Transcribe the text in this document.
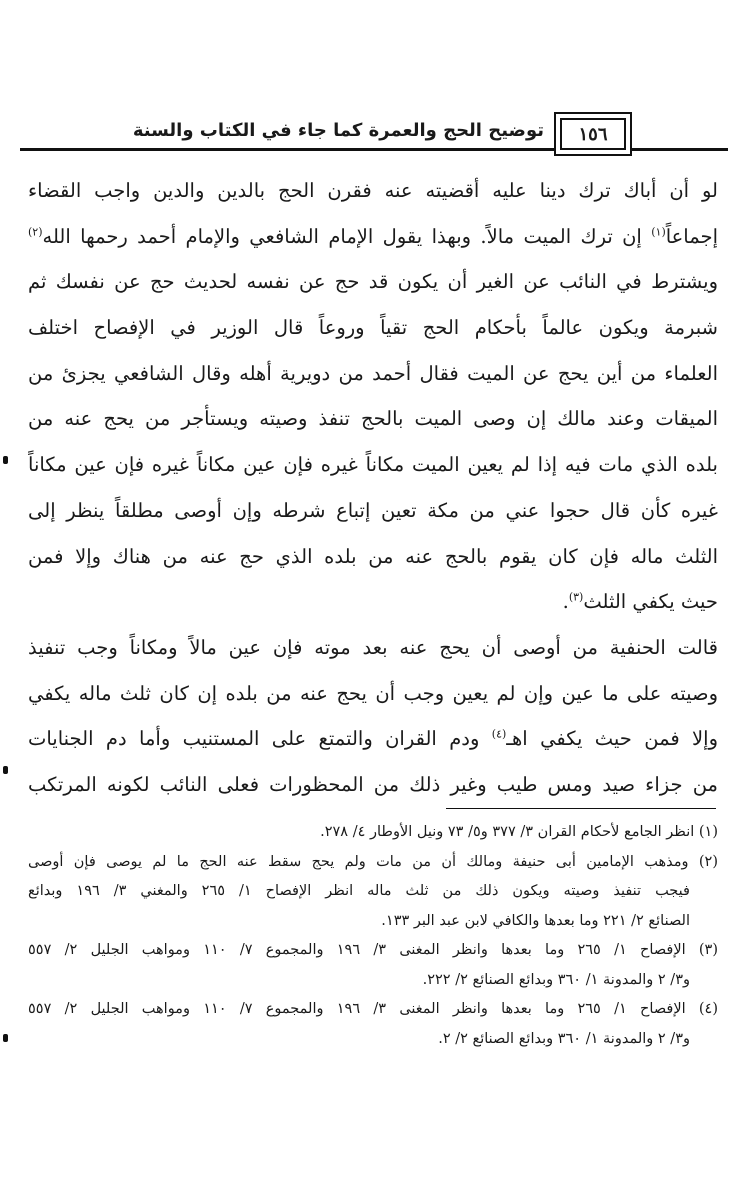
توضيح الحج والعمرة كما جاء في الكتاب والسنة	١٥٦
لو أن أباك ترك دينا عليه أقضيته عنه فقرن الحج بالدين والدين واجب القضاء
إجماعاً$^{(١)}$ إن ترك الميت مالاً. وبهذا يقول الإمام الشافعي والإمام أحمد رحمها الله$^{(٢)}$
ويشترط في النائب عن الغير أن يكون قد حج عن نفسه لحديث حج عن نفسك ثم
شبرمة ويكون عالماً بأحكام الحج تقياً وروعاً قال الوزير في الإفصاح اختلف
العلماء من أين يحج عن الميت فقال أحمد من دويرية أهله وقال الشافعي يجزئ من
الميقات وعند مالك إن وصى الميت بالحج تنفذ وصيته ويستأجر من يحج عنه من
بلده الذي مات فيه إذا لم يعين الميت مكاناً غيره فإن عين مكاناً غيره فإن عين مكاناً
غيره كأن قال حجوا عني من مكة تعين إتباع شرطه وإن أوصى مطلقاً ينظر إلى
الثلث ماله فإن كان يقوم بالحج عنه من بلده الذي حج عنه من هناك وإلا فمن
حيث يكفي الثلث$^{(٣)}$.
قالت الحنفية من أوصى أن يحج عنه بعد موته فإن عين مالاً ومكاناً وجب تنفيذ
وصيته على ما عين وإن لم يعين وجب أن يحج عنه من بلده إن كان ثلث ماله يكفي
وإلا فمن حيث يكفي اهـ$^{(٤)}$ ودم القران والتمتع على المستنيب وأما دم الجنايات
من جزاء صيد ومس طيب وغير ذلك من المحظورات فعلى النائب لكونه المرتكب
(١) انظر الجامع لأحكام القران ٣/ ٣٧٧ و٥/ ٧٣ ونيل الأوطار ٤/ ٢٧٨.
(٢) ومذهب الإمامين أبى حنيفة ومالك أن من مات ولم يحج سقط عنه الحج ما لم يوصى فإن أوصى
فيجب تنفيذ وصيته ويكون ذلك من ثلث ماله انظر الإفصاح ١/ ٢٦٥ والمغني ٣/ ١٩٦ وبدائع
الصنائع ٢/ ٢٢١ وما بعدها والكافي لابن عبد البر ١٣٣.
(٣) الإفصاح ١/ ٢٦٥ وما بعدها وانظر المغنى ٣/ ١٩٦ والمجموع ٧/ ١١٠ ومواهب الجليل ٢/ ٥٥٧
و٣/ ٢ والمدونة ١/ ٣٦٠ وبدائع الصنائع ٢/ ٢٢٢.
(٤) الإفصاح ١/ ٢٦٥ وما بعدها وانظر المغنى ٣/ ١٩٦ والمجموع ٧/ ١١٠ ومواهب الجليل ٢/ ٥٥٧
و٣/ ٢ والمدونة ١/ ٣٦٠ وبدائع الصنائع ٢/ ٢.
